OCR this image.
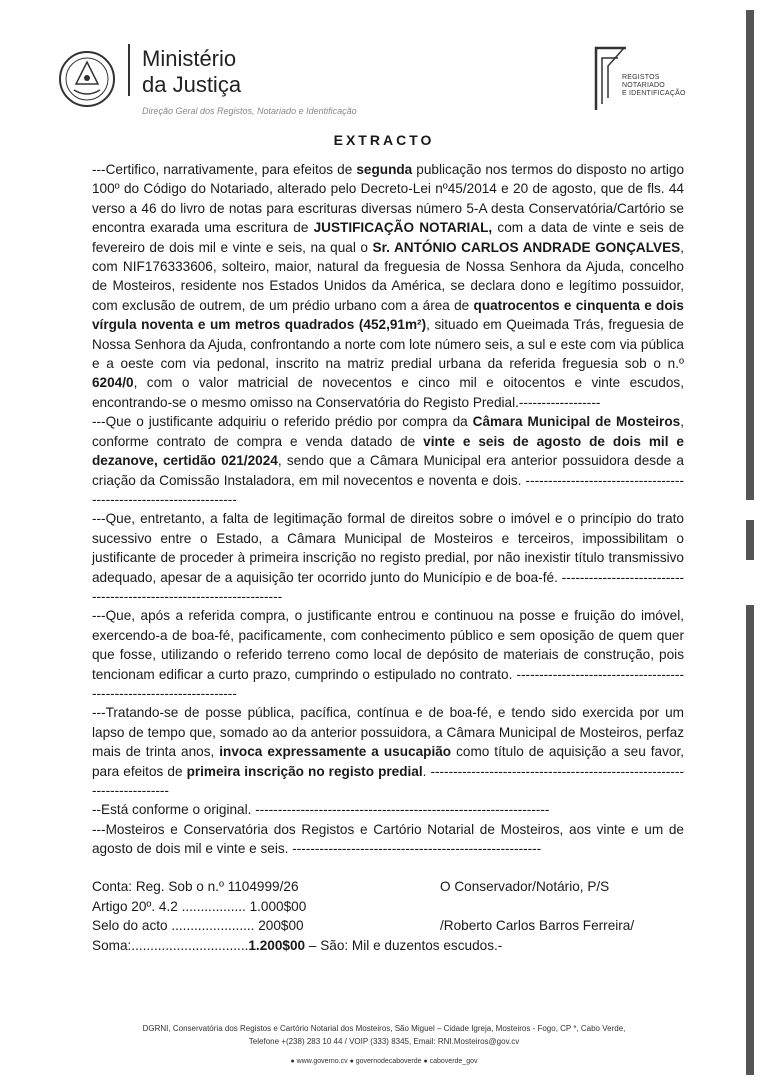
Ministério
da Justiça
Direção Geral dos Registos, Notariado e Identificação
REGISTOS
NOTARIADO
E IDENTIFICAÇÃO
EXTRACTO

---Certifico, narrativamente, para efeitos de segunda publicação nos termos do disposto no artigo 100º do Código do Notariado, alterado pelo Decreto-Lei nº45/2014 e 20 de agosto, que de fls. 44 verso a 46 do livro de notas para escrituras diversas número 5-A desta Conservatória/Cartório se encontra exarada uma escritura de JUSTIFICAÇÃO NOTARIAL, com a data de vinte e seis de fevereiro de dois mil e vinte e seis, na qual o Sr. ANTÓNIO CARLOS ANDRADE GONÇALVES, com NIF176333606, solteiro, maior, natural da freguesia de Nossa Senhora da Ajuda, concelho de Mosteiros, residente nos Estados Unidos da América, se declara dono e legítimo possuidor, com exclusão de outrem, de um prédio urbano com a área de quatrocentos e cinquenta e dois vírgula noventa e um metros quadrados (452,91m²), situado em Queimada Trás, freguesia de Nossa Senhora da Ajuda, confrontando a norte com lote número seis, a sul e este com via pública e a oeste com via pedonal, inscrito na matriz predial urbana da referida freguesia sob o n.º 6204/0, com o valor matricial de novecentos e cinco mil e oitocentos e vinte escudos, encontrando-se o mesmo omisso na Conservatória do Registo Predial.------------------

---Que o justificante adquiriu o referido prédio por compra da Câmara Municipal de Mosteiros, conforme contrato de compra e venda datado de vinte e seis de agosto de dois mil e dezanove, certidão 021/2024, sendo que a Câmara Municipal era anterior possuidora desde a criação da Comissão Instaladora, em mil novecentos e noventa e dois. -------------------------------------------------------------------

---Que, entretanto, a falta de legitimação formal de direitos sobre o imóvel e o princípio do trato sucessivo entre o Estado, a Câmara Municipal de Mosteiros e terceiros, impossibilitam o justificante de proceder à primeira inscrição no registo predial, por não inexistir título transmissivo adequado, apesar de a aquisição ter ocorrido junto do Município e de boa-fé. ---------------------------------------------------------------------

---Que, após a referida compra, o justificante entrou e continuou na posse e fruição do imóvel, exercendo-a de boa-fé, pacificamente, com conhecimento público e sem oposição de quem quer que fosse, utilizando o referido terreno como local de depósito de materiais de construção, pois tencionam edificar a curto prazo, cumprindo o estipulado no contrato. ---------------------------------------------------------------------

---Tratando-se de posse pública, pacífica, contínua e de boa-fé, e tendo sido exercida por um lapso de tempo que, somado ao da anterior possuidora, a Câmara Municipal de Mosteiros, perfaz mais de trinta anos, invoca expressamente a usucapião como título de aquisição a seu favor, para efeitos de primeira inscrição no registo predial. -------------------------------------------------------------------------

--Está conforme o original. -----------------------------------------------------------------

---Mosteiros e Conservatória dos Registos e Cartório Notarial de Mosteiros, aos vinte e um de agosto de dois mil e vinte e seis. -------------------------------------------------------

Conta: Reg. Sob o n.º 1104999/26	O Conservador/Notário, P/S
Artigo 20º. 4.2 ................. 1.000$00
Selo do acto ...................... 200$00	/Roberto Carlos Barros Ferreira/
Soma:...............................1.200$00 – São: Mil e duzentos escudos.-
DGRNI, Conservatória dos Registos e Cartório Notarial dos Mosteiros, São Miguel – Cidade Igreja, Mosteiros - Fogo, CP *, Cabo Verde,
Telefone +(238) 283 10 44 / VOIP (333) 8345, Email: RNI.Mosteiros@gov.cv
● www.governo.cv ● governodecaboverde ● caboverde_gov
